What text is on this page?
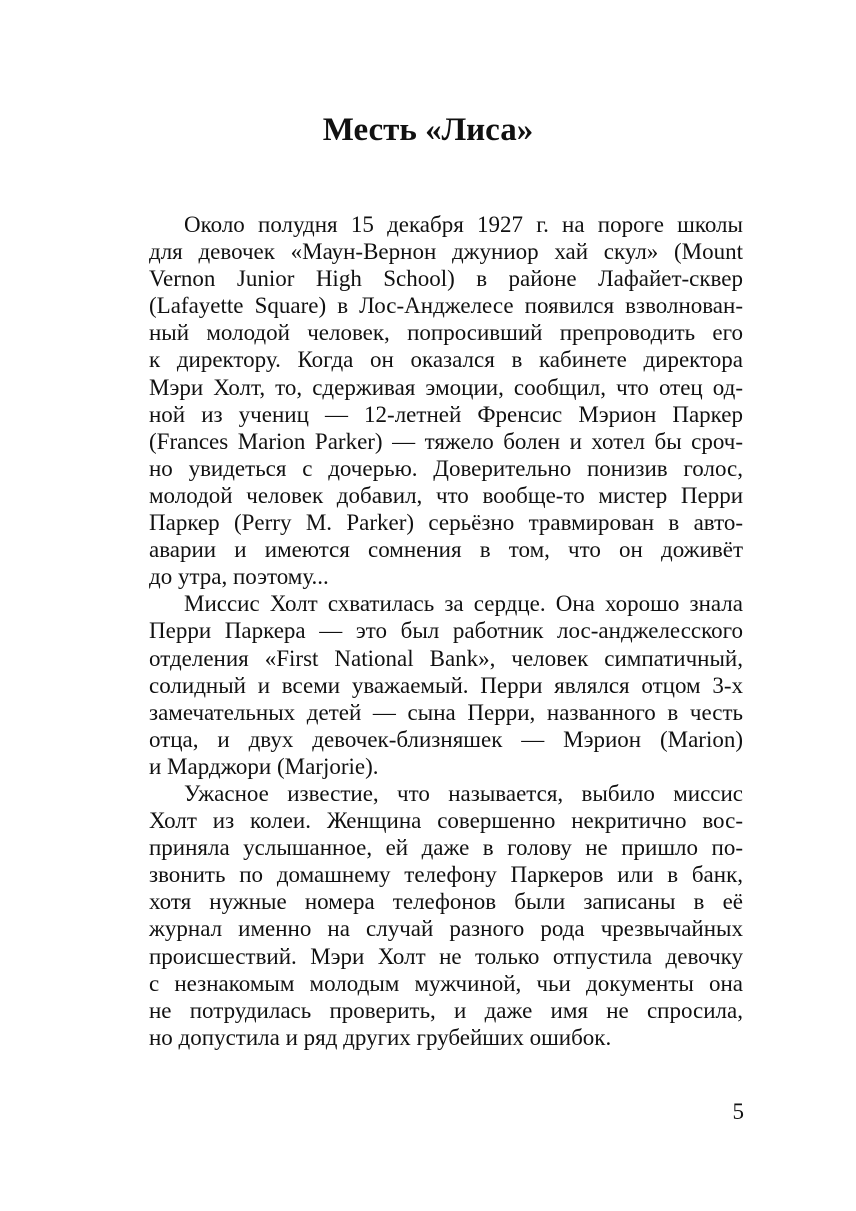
Месть «Лиса»
Около полудня 15 декабря 1927 г. на пороге школы
для девочек «Маун-Вернон джуниор хай скул» (Mount
Vernon Junior High School) в районе Лафайет-сквер
(Lafayette Square) в Лос-Анджелесе появился взволнован-
ный молодой человек, попросивший препроводить его
к директору. Когда он оказался в кабинете директора
Мэри Холт, то, сдерживая эмоции, сообщил, что отец од-
ной из учениц — 12-летней Френсис Мэрион Паркер
(Frances Marion Parker) — тяжело болен и хотел бы сроч-
но увидеться с дочерью. Доверительно понизив голос,
молодой человек добавил, что вообще-то мистер Перри
Паркер (Perry M. Parker) серьёзно травмирован в авто-
аварии и имеются сомнения в том, что он доживёт
до утра, поэтому...
Миссис Холт схватилась за сердце. Она хорошо знала
Перри Паркера — это был работник лос-анджелесского
отделения «First National Bank», человек симпатичный,
солидный и всеми уважаемый. Перри являлся отцом 3-х
замечательных детей — сына Перри, названного в честь
отца, и двух девочек-близняшек — Мэрион (Marion)
и Марджори (Marjorie).
Ужасное известие, что называется, выбило миссис
Холт из колеи. Женщина совершенно некритично вос-
приняла услышанное, ей даже в голову не пришло по-
звонить по домашнему телефону Паркеров или в банк,
хотя нужные номера телефонов были записаны в её
журнал именно на случай разного рода чрезвычайных
происшествий. Мэри Холт не только отпустила девочку
с незнакомым молодым мужчиной, чьи документы она
не потрудилась проверить, и даже имя не спросила,
но допустила и ряд других грубейших ошибок.
5
